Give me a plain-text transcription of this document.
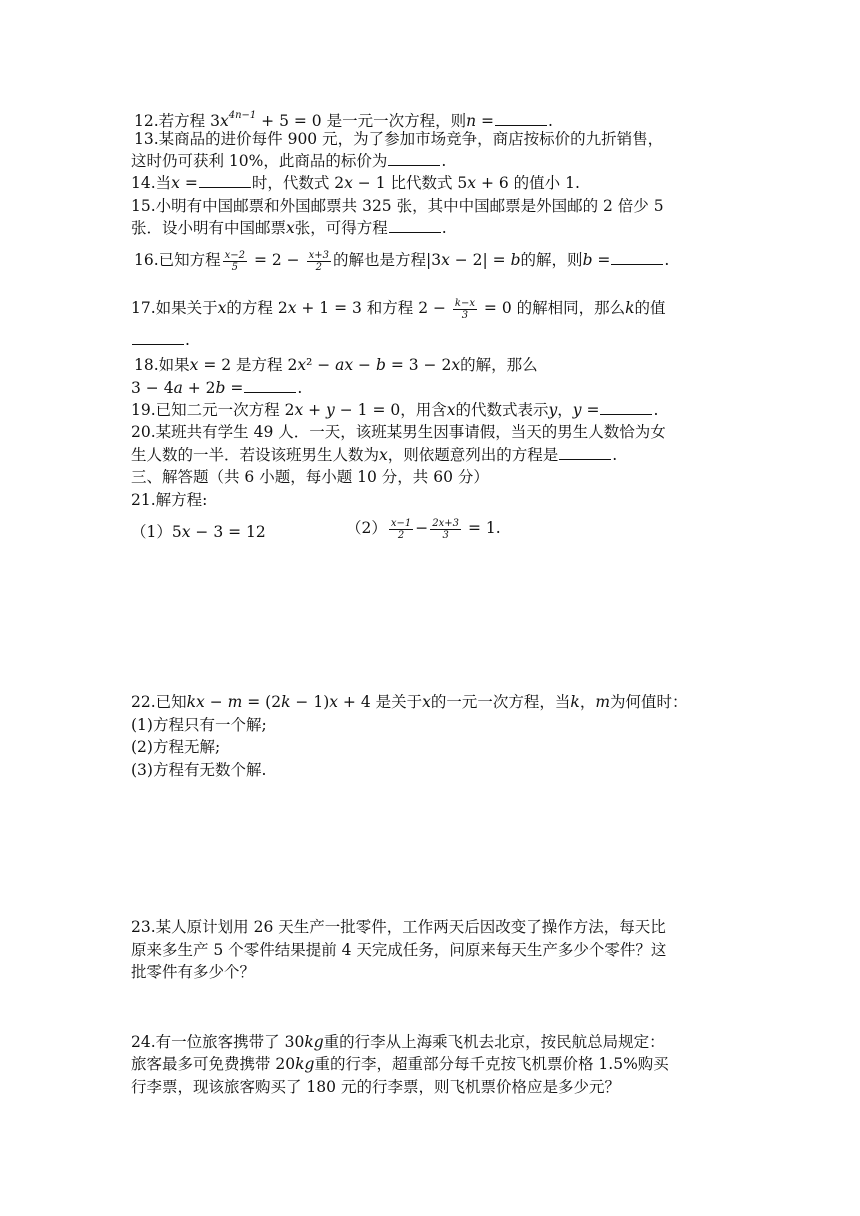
12.若方程 $3x^{4n-1} + 5 = 0$ 是一元一次方程，则n =	.
13.某商品的进价每件 900 元，为了参加市场竞争，商店按标价的九折销售，
这时仍可获利 10%，此商品的标价为	.
14.当x =	时，代数式 2x − 1 比代数式 5x + 6 的值小 1.
15.小明有中国邮票和外国邮票共 325 张，其中中国邮票是外国邮的 2 倍少 5
张．设小明有中国邮票x张，可得方程	.
16.已知方程 $\frac{x-2}{5} = 2 - \frac{x+3}{2}$ 的解也是方程|3x − 2| = b的解，则b =	.
17.如果关于x的方程 2x + 1 = 3 和方程 $2 - \frac{k-x}{3} = 0$ 的解相同，那么k的值
.
18.如果x = 2 是方程 2x² − ax − b = 3 − 2x的解，那么
3 − 4a + 2b =	.
19.已知二元一次方程 2x + y − 1 = 0，用含x的代数式表示y，y =	.
20.某班共有学生 49 人．一天，该班某男生因事请假，当天的男生人数恰为女
生人数的一半．若设该班男生人数为x，则依题意列出的方程是	.
三、解答题（共 6 小题，每小题 10 分，共 60 分）
21.解方程:
（1）5x − 3 = 12	$(2) \frac{x-1}{2} - \frac{2x+3}{3} = 1$.
22.已知kx − m = (2k − 1)x + 4 是关于x的一元一次方程，当k，m为何值时：
(1)方程只有一个解;
(2)方程无解;
(3)方程有无数个解.
23.某人原计划用 26 天生产一批零件，工作两天后因改变了操作方法，每天比
原来多生产 5 个零件结果提前 4 天完成任务，问原来每天生产多少个零件？这
批零件有多少个？
24.有一位旅客携带了 30kg重的行李从上海乘飞机去北京，按民航总局规定：
旅客最多可免费携带 20kg重的行李，超重部分每千克按飞机票价格 1.5%购买
行李票，现该旅客购买了 180 元的行李票，则飞机票价格应是多少元？
